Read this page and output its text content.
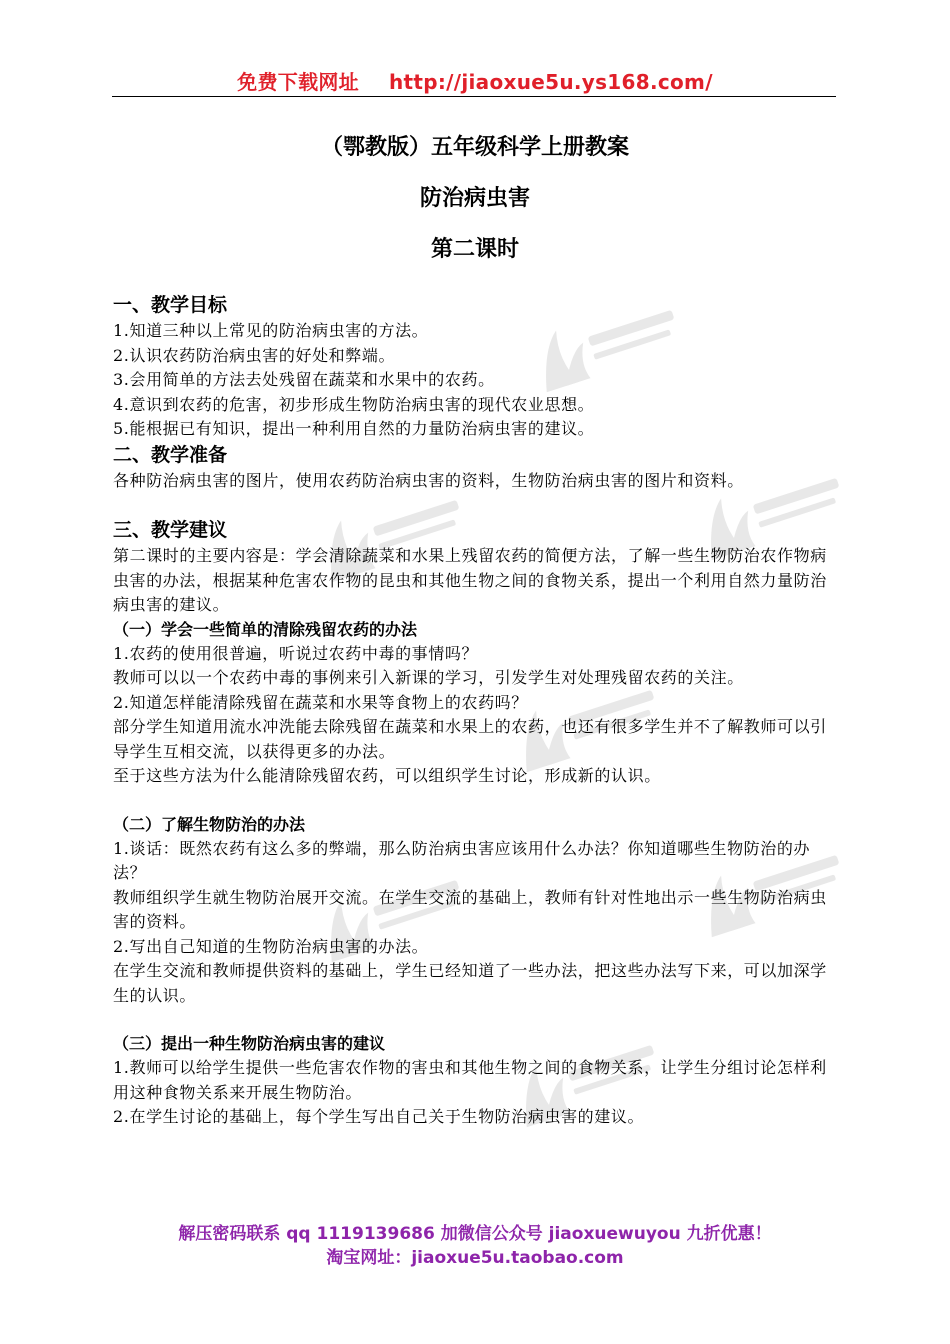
免费下载网址 http://jiaoxue5u.ys168.com/
（鄂教版）五年级科学上册教案
防治病虫害
第二课时
一、教学目标
1.知道三种以上常见的防治病虫害的方法。
2.认识农药防治病虫害的好处和弊端。
3.会用简单的方法去处残留在蔬菜和水果中的农药。
4.意识到农药的危害，初步形成生物防治病虫害的现代农业思想。
5.能根据已有知识，提出一种利用自然的力量防治病虫害的建议。
二、教学准备
各种防治病虫害的图片，使用农药防治病虫害的资料，生物防治病虫害的图片和资料。
三、教学建议
第二课时的主要内容是：学会清除蔬菜和水果上残留农药的简便方法，了解一些生物防治农作物病虫害的办法，根据某种危害农作物的昆虫和其他生物之间的食物关系，提出一个利用自然力量防治病虫害的建议。
（一）学会一些简单的清除残留农药的办法
1.农药的使用很普遍，听说过农药中毒的事情吗？
教师可以以一个农药中毒的事例来引入新课的学习，引发学生对处理残留农药的关注。
2.知道怎样能清除残留在蔬菜和水果等食物上的农药吗？
部分学生知道用流水冲洗能去除残留在蔬菜和水果上的农药，也还有很多学生并不了解教师可以引导学生互相交流，以获得更多的办法。
至于这些方法为什么能清除残留农药，可以组织学生讨论，形成新的认识。
（二）了解生物防治的办法
1.谈话：既然农药有这么多的弊端，那么防治病虫害应该用什么办法？你知道哪些生物防治的办法？
教师组织学生就生物防治展开交流。在学生交流的基础上，教师有针对性地出示一些生物防治病虫害的资料。
2.写出自己知道的生物防治病虫害的办法。
在学生交流和教师提供资料的基础上，学生已经知道了一些办法，把这些办法写下来，可以加深学生的认识。
（三）提出一种生物防治病虫害的建议
1.教师可以给学生提供一些危害农作物的害虫和其他生物之间的食物关系，让学生分组讨论怎样利用这种食物关系来开展生物防治。
2.在学生讨论的基础上，每个学生写出自己关于生物防治病虫害的建议。
解压密码联系 qq 1119139686 加微信公众号 jiaoxuewuyou 九折优惠！
淘宝网址：jiaoxue5u.taobao.com
